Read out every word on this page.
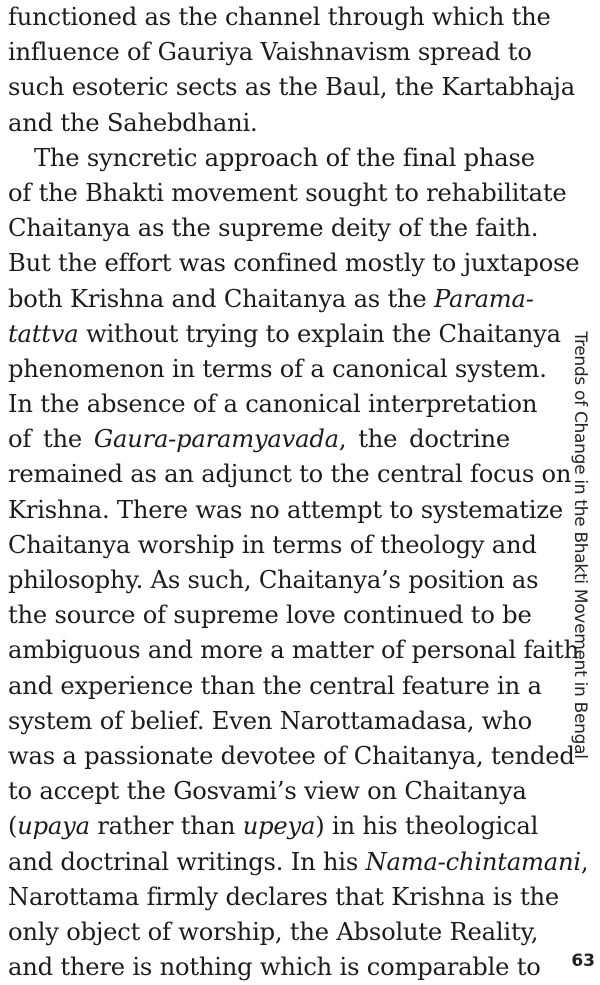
functioned as the channel through which the
influence of Gauriya Vaishnavism spread to
such esoteric sects as the Baul, the Kartabhaja
and the Sahebdhani.
The syncretic approach of the final phase
of the Bhakti movement sought to rehabilitate
Chaitanya as the supreme deity of the faith.
But the effort was confined mostly to juxtapose
both Krishna and Chaitanya as the Parama-
tattva without trying to explain the Chaitanya
phenomenon in terms of a canonical system.
In the absence of a canonical interpretation
of the Gaura-paramyavada, the doctrine
remained as an adjunct to the central focus on
Krishna. There was no attempt to systematize
Chaitanya worship in terms of theology and
philosophy. As such, Chaitanya’s position as
the source of supreme love continued to be
ambiguous and more a matter of personal faith
and experience than the central feature in a
system of belief. Even Narottamadasa, who
was a passionate devotee of Chaitanya, tended
to accept the Gosvami’s view on Chaitanya
(upaya rather than upeya) in his theological
and doctrinal writings. In his Nama-chintamani,
Narottama firmly declares that Krishna is the
only object of worship, the Absolute Reality,
and there is nothing which is comparable to
Trends of Change in the Bhakti Movement in Bengal
63
